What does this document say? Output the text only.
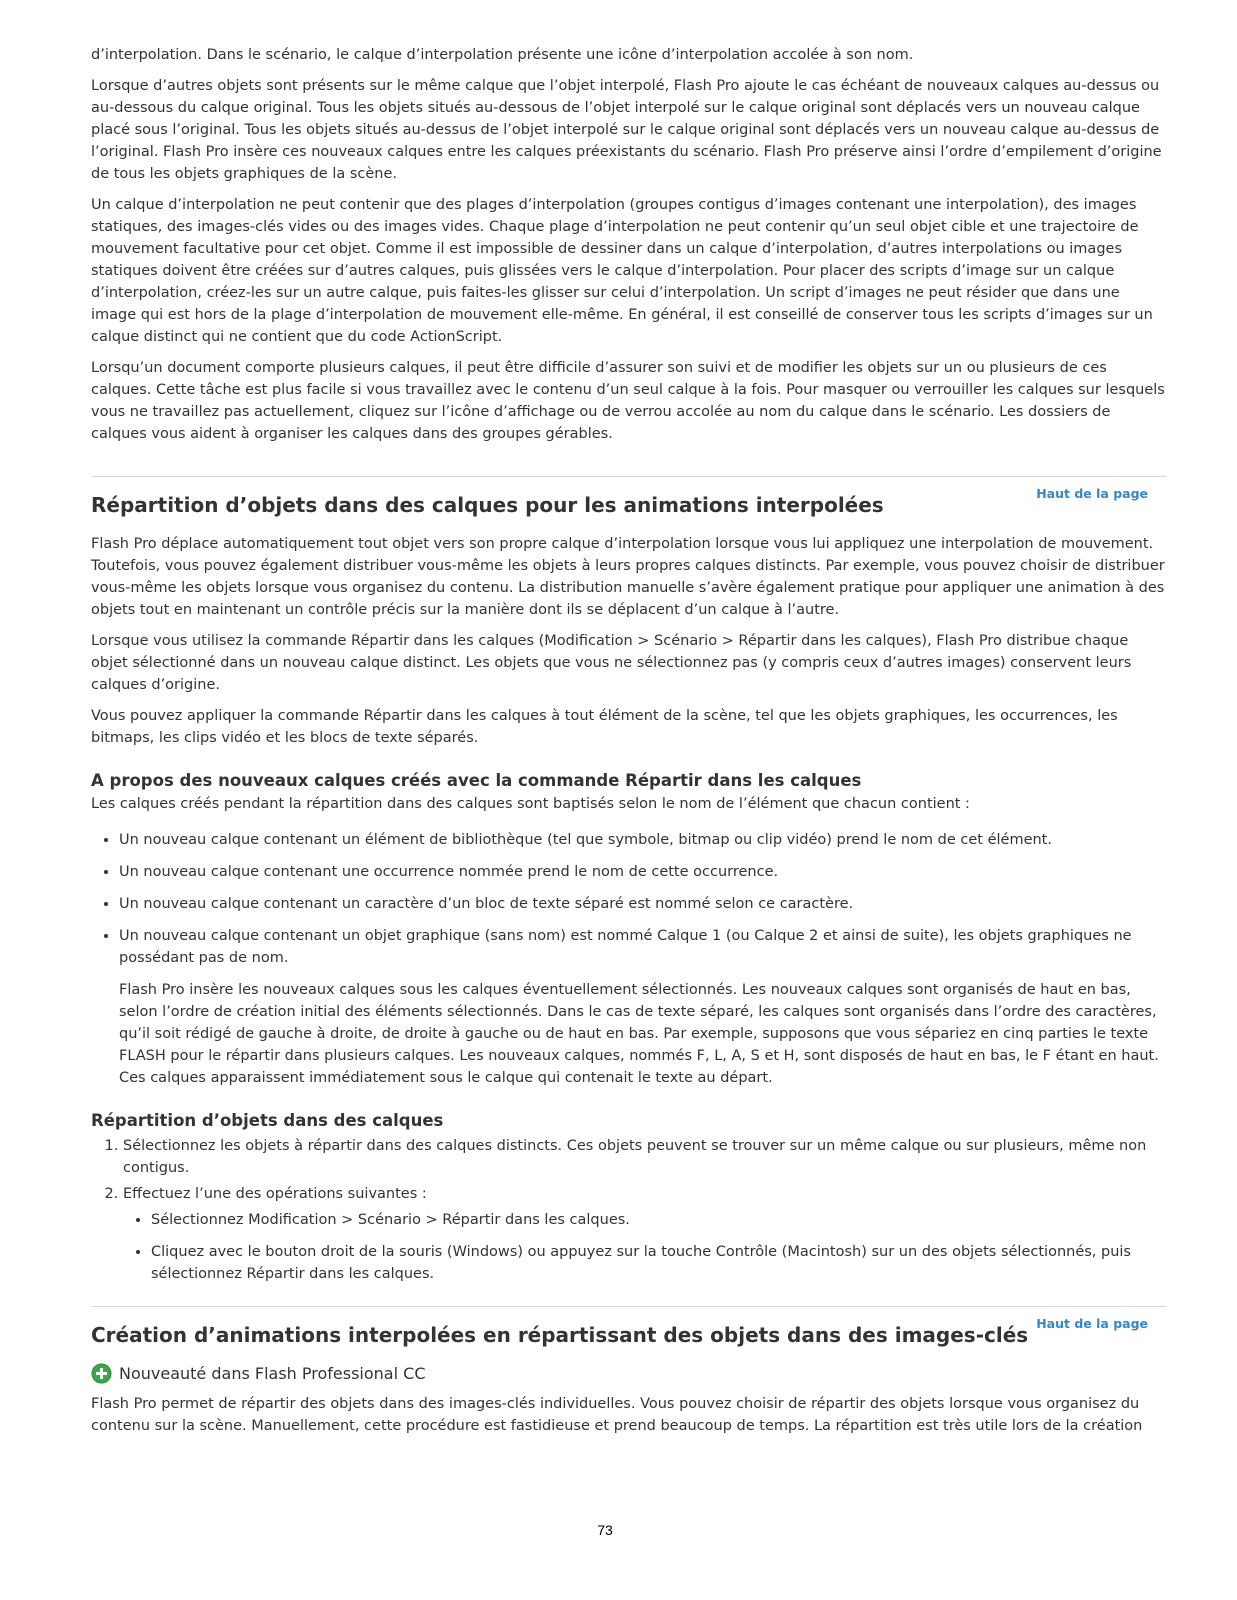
d’interpolation. Dans le scénario, le calque d’interpolation présente une icône d’interpolation accolée à son nom.

Lorsque d’autres objets sont présents sur le même calque que l’objet interpolé, Flash Pro ajoute le cas échéant de nouveaux calques au-dessus ou au-dessous du calque original. Tous les objets situés au-dessous de l’objet interpolé sur le calque original sont déplacés vers un nouveau calque placé sous l’original. Tous les objets situés au-dessus de l’objet interpolé sur le calque original sont déplacés vers un nouveau calque au-dessus de l’original. Flash Pro insère ces nouveaux calques entre les calques préexistants du scénario. Flash Pro préserve ainsi l’ordre d’empilement d’origine de tous les objets graphiques de la scène.

Un calque d’interpolation ne peut contenir que des plages d’interpolation (groupes contigus d’images contenant une interpolation), des images statiques, des images-clés vides ou des images vides. Chaque plage d’interpolation ne peut contenir qu’un seul objet cible et une trajectoire de mouvement facultative pour cet objet. Comme il est impossible de dessiner dans un calque d’interpolation, d’autres interpolations ou images statiques doivent être créées sur d’autres calques, puis glissées vers le calque d’interpolation. Pour placer des scripts d’image sur un calque d’interpolation, créez-les sur un autre calque, puis faites-les glisser sur celui d’interpolation. Un script d’images ne peut résider que dans une image qui est hors de la plage d’interpolation de mouvement elle-même. En général, il est conseillé de conserver tous les scripts d’images sur un calque distinct qui ne contient que du code ActionScript.

Lorsqu’un document comporte plusieurs calques, il peut être difficile d’assurer son suivi et de modifier les objets sur un ou plusieurs de ces calques. Cette tâche est plus facile si vous travaillez avec le contenu d’un seul calque à la fois. Pour masquer ou verrouiller les calques sur lesquels vous ne travaillez pas actuellement, cliquez sur l’icône d’affichage ou de verrou accolée au nom du calque dans le scénario. Les dossiers de calques vous aident à organiser les calques dans des groupes gérables.

Haut de la page
Répartition d’objets dans des calques pour les animations interpolées

Flash Pro déplace automatiquement tout objet vers son propre calque d’interpolation lorsque vous lui appliquez une interpolation de mouvement. Toutefois, vous pouvez également distribuer vous-même les objets à leurs propres calques distincts. Par exemple, vous pouvez choisir de distribuer vous-même les objets lorsque vous organisez du contenu. La distribution manuelle s’avère également pratique pour appliquer une animation à des objets tout en maintenant un contrôle précis sur la manière dont ils se déplacent d’un calque à l’autre.

Lorsque vous utilisez la commande Répartir dans les calques (Modification > Scénario > Répartir dans les calques), Flash Pro distribue chaque objet sélectionné dans un nouveau calque distinct. Les objets que vous ne sélectionnez pas (y compris ceux d’autres images) conservent leurs calques d’origine.

Vous pouvez appliquer la commande Répartir dans les calques à tout élément de la scène, tel que les objets graphiques, les occurrences, les bitmaps, les clips vidéo et les blocs de texte séparés.

A propos des nouveaux calques créés avec la commande Répartir dans les calques

Les calques créés pendant la répartition dans des calques sont baptisés selon le nom de l’élément que chacun contient :

• Un nouveau calque contenant un élément de bibliothèque (tel que symbole, bitmap ou clip vidéo) prend le nom de cet élément.
• Un nouveau calque contenant une occurrence nommée prend le nom de cette occurrence.
• Un nouveau calque contenant un caractère d’un bloc de texte séparé est nommé selon ce caractère.
• Un nouveau calque contenant un objet graphique (sans nom) est nommé Calque 1 (ou Calque 2 et ainsi de suite), les objets graphiques ne possédant pas de nom.

Flash Pro insère les nouveaux calques sous les calques éventuellement sélectionnés. Les nouveaux calques sont organisés de haut en bas, selon l’ordre de création initial des éléments sélectionnés. Dans le cas de texte séparé, les calques sont organisés dans l’ordre des caractères, qu’il soit rédigé de gauche à droite, de droite à gauche ou de haut en bas. Par exemple, supposons que vous sépariez en cinq parties le texte FLASH pour le répartir dans plusieurs calques. Les nouveaux calques, nommés F, L, A, S et H, sont disposés de haut en bas, le F étant en haut. Ces calques apparaissent immédiatement sous le calque qui contenait le texte au départ.

Répartition d’objets dans des calques
1. Sélectionnez les objets à répartir dans des calques distincts. Ces objets peuvent se trouver sur un même calque ou sur plusieurs, même non contigus.
2. Effectuez l’une des opérations suivantes :
• Sélectionnez Modification > Scénario > Répartir dans les calques.
• Cliquez avec le bouton droit de la souris (Windows) ou appuyez sur la touche Contrôle (Macintosh) sur un des objets sélectionnés, puis sélectionnez Répartir dans les calques.
Haut de la page
Création d’animations interpolées en répartissant des objets dans des images-clés
Nouveauté dans Flash Professional CC

Flash Pro permet de répartir des objets dans des images-clés individuelles. Vous pouvez choisir de répartir des objets lorsque vous organisez du contenu sur la scène. Manuellement, cette procédure est fastidieuse et prend beaucoup de temps. La répartition est très utile lors de la création

73
